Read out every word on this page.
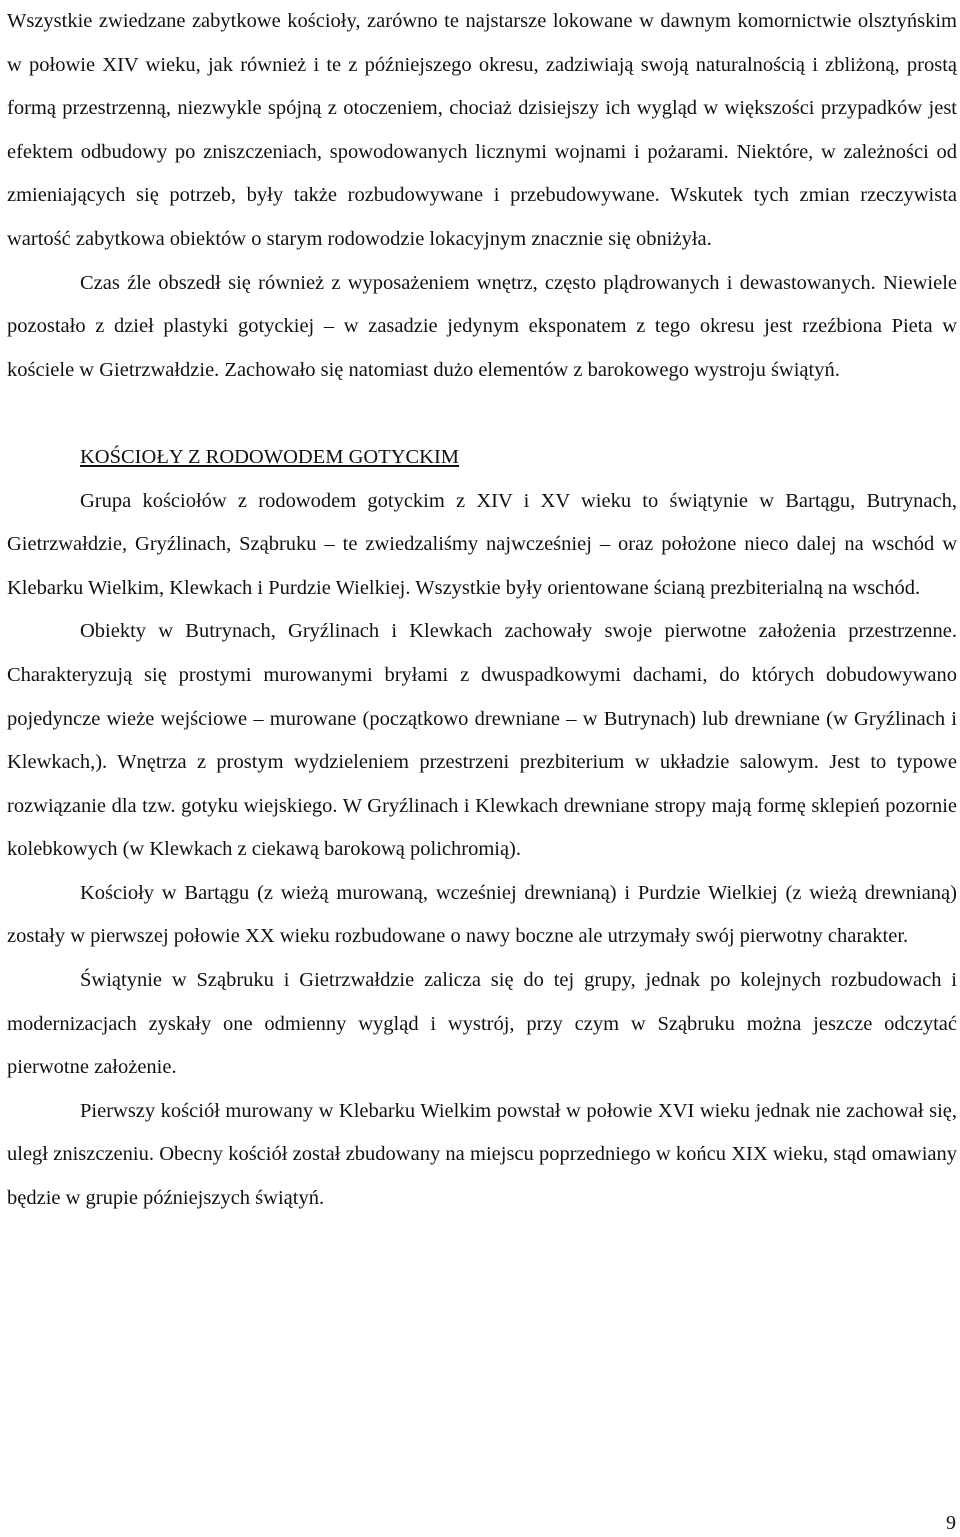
Wszystkie zwiedzane zabytkowe kościoły, zarówno te najstarsze lokowane w dawnym komornictwie olsztyńskim w połowie XIV wieku, jak również i te z późniejszego okresu, zadziwiają swoją naturalnością i zbliżoną, prostą formą przestrzenną, niezwykle spójną z otoczeniem, chociaż dzisiejszy ich wygląd w większości przypadków jest efektem odbudowy po zniszczeniach, spowodowanych licznymi wojnami i pożarami. Niektóre, w zależności od zmieniających się potrzeb, były także rozbudowywane i przebudowywane. Wskutek tych zmian rzeczywista wartość zabytkowa obiektów o starym rodowodzie lokacyjnym znacznie się obniżyła.

Czas źle obszedł się również z wyposażeniem wnętrz, często plądrowanych i dewastowanych. Niewiele pozostało z dzieł plastyki gotyckiej – w zasadzie jedynym eksponatem z tego okresu jest rzeźbiona Pieta w kościele w Gietrzwałdzie. Zachowało się natomiast dużo elementów z barokowego wystroju świątyń.

KOŚCIOŁY Z RODOWODEM GOTYCKIM

Grupa kościołów z rodowodem gotyckim z XIV i XV wieku to świątynie w Bartągu, Butrynach, Gietrzwałdzie, Gryźlinach, Sząbruku – te zwiedzaliśmy najwcześniej – oraz położone nieco dalej na wschód w Klebarku Wielkim, Klewkach i Purdzie Wielkiej. Wszystkie były orientowane ścianą prezbiterialną na wschód.

Obiekty w Butrynach, Gryźlinach i Klewkach zachowały swoje pierwotne założenia przestrzenne. Charakteryzują się prostymi murowanymi bryłami z dwuspadkowymi dachami, do których dobudowywano pojedyncze wieże wejściowe – murowane (początkowo drewniane – w Butrynach) lub drewniane (w Gryźlinach i Klewkach,). Wnętrza z prostym wydzieleniem przestrzeni prezbiterium w układzie salowym. Jest to typowe rozwiązanie dla tzw. gotyku wiejskiego. W Gryźlinach i Klewkach drewniane stropy mają formę sklepień pozornie kolebkowych (w Klewkach z ciekawą barokową polichromią).

Kościoły w Bartągu (z wieżą murowaną, wcześniej drewnianą) i Purdzie Wielkiej (z wieżą drewnianą) zostały w pierwszej połowie XX wieku rozbudowane o nawy boczne ale utrzymały swój pierwotny charakter.

Świątynie w Sząbruku i Gietrzwałdzie zalicza się do tej grupy, jednak po kolejnych rozbudowach i modernizacjach zyskały one odmienny wygląd i wystrój, przy czym w Sząbruku można jeszcze odczytać pierwotne założenie.

Pierwszy kościół murowany w Klebarku Wielkim powstał w połowie XVI wieku jednak nie zachował się, uległ zniszczeniu. Obecny kościół został zbudowany na miejscu poprzedniego w końcu XIX wieku, stąd omawiany będzie w grupie późniejszych świątyń.

9
